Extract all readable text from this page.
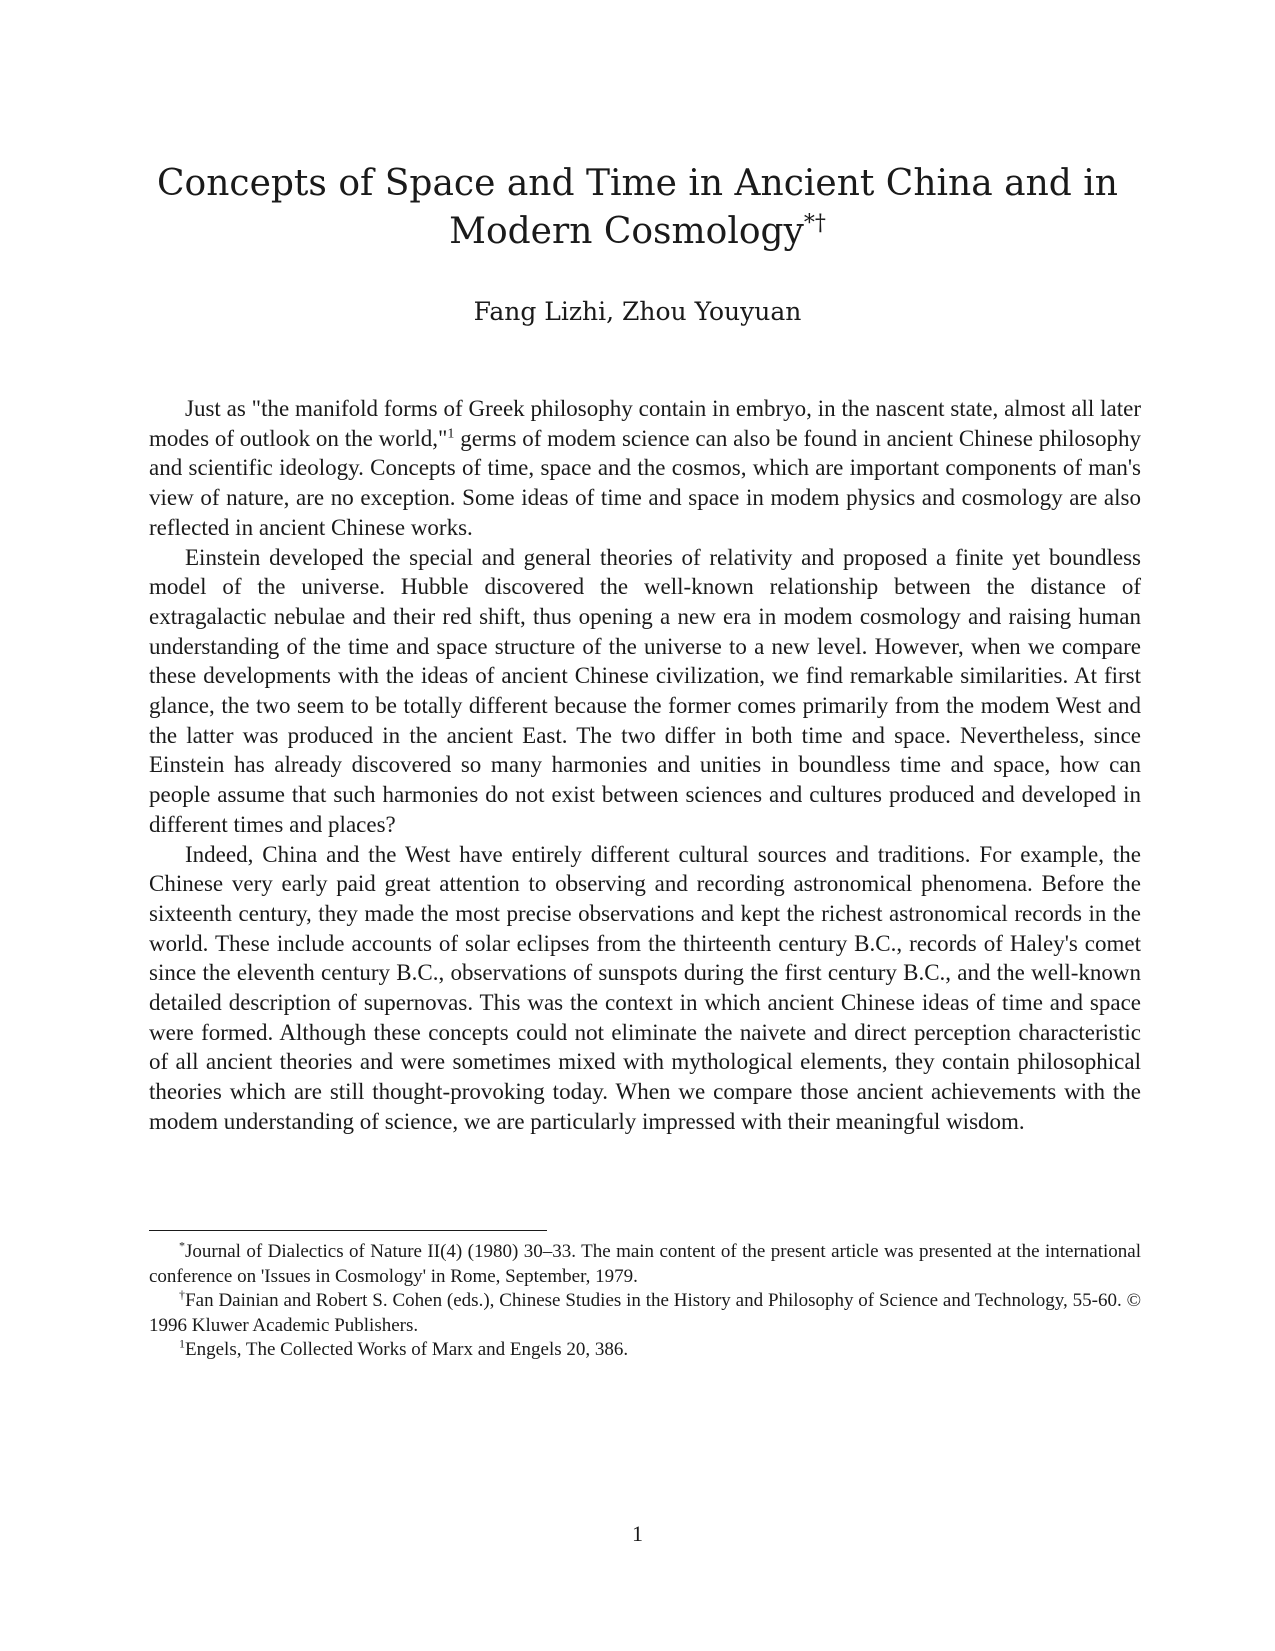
Concepts of Space and Time in Ancient China and in
Modern Cosmology*†
Fang Lizhi, Zhou Youyuan

Just as "the manifold forms of Greek philosophy contain in embryo, in the nascent state, almost all later modes of outlook on the world,"$^1$ germs of modem science can also be found in ancient Chinese philosophy and scientific ideology. Concepts of time, space and the cosmos, which are important components of man's view of nature, are no exception. Some ideas of time and space in modem physics and cosmology are also reflected in ancient Chinese works.

Einstein developed the special and general theories of relativity and proposed a finite yet boundless model of the universe. Hubble discovered the well-known relationship between the distance of extragalactic nebulae and their red shift, thus opening a new era in modem cosmology and raising human understanding of the time and space structure of the universe to a new level. However, when we compare these developments with the ideas of ancient Chinese civilization, we find remarkable similarities. At first glance, the two seem to be totally different because the former comes primarily from the modem West and the latter was produced in the ancient East. The two differ in both time and space. Nevertheless, since Einstein has already discovered so many harmonies and unities in boundless time and space, how can people assume that such harmonies do not exist between sciences and cultures produced and developed in different times and places?

Indeed, China and the West have entirely different cultural sources and traditions. For example, the Chinese very early paid great attention to observing and recording astronomical phenomena. Before the sixteenth century, they made the most precise observations and kept the richest astronomical records in the world. These include accounts of solar eclipses from the thirteenth century B.C., records of Haley's comet since the eleventh century B.C., observations of sunspots during the first century B.C., and the well-known detailed description of supernovas. This was the context in which ancient Chinese ideas of time and space were formed. Although these concepts could not eliminate the naivete and direct perception characteristic of all ancient theories and were sometimes mixed with mythological elements, they contain philosophical theories which are still thought-provoking today. When we compare those ancient achievements with the modem understanding of science, we are particularly impressed with their meaningful wisdom.

*Journal of Dialectics of Nature II(4) (1980) 30–33. The main content of the present article was presented at the international conference on 'Issues in Cosmology' in Rome, September, 1979.

†Fan Dainian and Robert S. Cohen (eds.), Chinese Studies in the History and Philosophy of Science and Technology, 55-60. © 1996 Kluwer Academic Publishers.

$^1$Engels, The Collected Works of Marx and Engels 20, 386.

1
